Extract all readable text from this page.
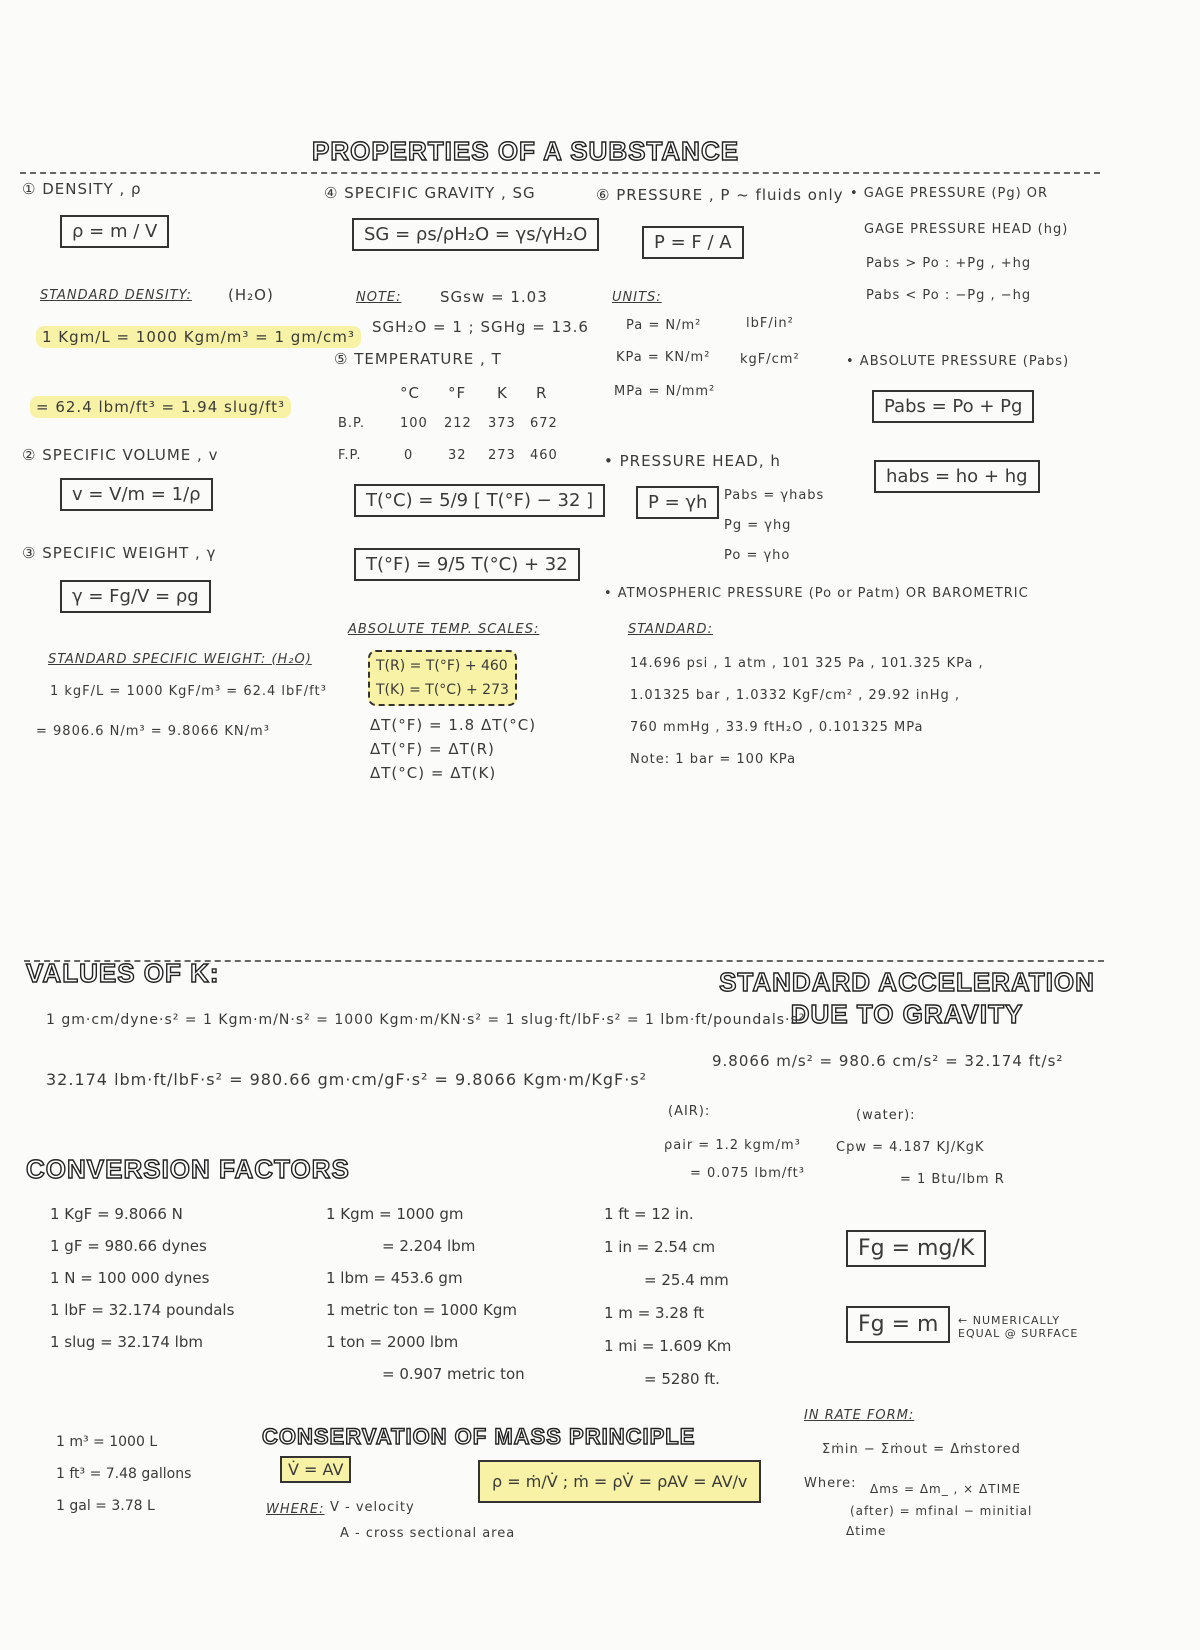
PROPERTIES OF A SUBSTANCE
① DENSITY , ρ
ρ = m / V
STANDARD DENSITY: (H₂O)
1 Kgm/L = 1000 Kgm/m³ = 1 gm/cm³
= 62.4 lbm/ft³ = 1.94 slug/ft³
② SPECIFIC VOLUME , v
v = V/m = 1/ρ
③ SPECIFIC WEIGHT , γ
γ = Fg/V = ρg
STANDARD SPECIFIC WEIGHT: (H₂O)
1 kgF/L = 1000 KgF/m³ = 62.4 lbF/ft³
= 9806.6 N/m³ = 9.8066 KN/m³
④ SPECIFIC GRAVITY , SG
SG = ρs/ρH₂O = γs/γH₂O
NOTE:	SGsw = 1.03
SGH₂O = 1 ; SGHg = 13.6
⑤ TEMPERATURE , T
°C °F K R
B.P.	100 212 373 672
F.P.	0	32 273 460
T(°C) = 5/9 [ T(°F) − 32 ]
T(°F) = 9/5 T(°C) + 32
ABSOLUTE TEMP. SCALES:
T(R) = T(°F) + 460
T(K) = T(°C) + 273
ΔT(°F) = 1.8 ΔT(°C)
ΔT(°F) = ΔT(R)
ΔT(°C) = ΔT(K)
⑥ PRESSURE , P ~ fluids only
P = F / A
UNITS:
Pa = N/m²
KPa = KN/m²
MPa = N/mm²
lbF/in²
kgF/cm²
• GAGE PRESSURE (Pg) OR
GAGE PRESSURE HEAD (hg)
Pabs > Po : +Pg , +hg
Pabs < Po : −Pg , −hg
• ABSOLUTE PRESSURE (Pabs)
Pabs = Po + Pg
habs = ho + hg
• PRESSURE HEAD, h
P = γh	Pabs = γhabs
Pg = γhg
Po = γho
• ATMOSPHERIC PRESSURE (Po or Patm) OR BAROMETRIC
STANDARD:
14.696 psi , 1 atm , 101 325 Pa , 101.325 KPa ,
1.01325 bar , 1.0332 KgF/cm² , 29.92 inHg ,
760 mmHg , 33.9 ftH₂O , 0.101325 MPa
Note: 1 bar = 100 KPa
VALUES OF K:	STANDARD ACCELERATION DUE TO GRAVITY
1 gm·cm/dyne·s² = 1 Kgm·m/N·s² = 1000 Kgm·m/KN·s² = 1 slug·ft/lbF·s² = 1 lbm·ft/poundals·s²
32.174 lbm·ft/lbF·s² = 980.66 gm·cm/gF·s² = 9.8066 Kgm·m/KgF·s²
9.8066 m/s² = 980.6 cm/s² = 32.174 ft/s²
(AIR):
ρair = 1.2 kgm/m³
= 0.075 lbm/ft³
(water):
Cpw = 4.187 KJ/KgK
= 1 Btu/lbm R
Fg = mg/K
Fg = m	← NUMERICALLY EQUAL @ SURFACE
CONVERSION FACTORS
1 KgF = 9.8066 N
1 gF = 980.66 dynes
1 N = 100 000 dynes
1 lbF = 32.174 poundals
1 slug = 32.174 lbm
1 Kgm = 1000 gm
= 2.204 lbm
1 lbm = 453.6 gm
1 metric ton = 1000 Kgm
1 ton = 2000 lbm
= 0.907 metric ton
1 ft = 12 in.
1 in = 2.54 cm
= 25.4 mm
1 m = 3.28 ft
1 mi = 1.609 Km
= 5280 ft.
1 m³ = 1000 L
1 ft³ = 7.48 gallons
1 gal = 3.78 L
CONSERVATION OF MASS PRINCIPLE
V̇ = AV
ρ = ṁ/V̇ ; ṁ = ρV̇ = ρAV = AV/v
WHERE: V - velocity
A - cross sectional area
IN RATE FORM:
Σṁin − Σṁout = Δṁstored
Where: Δms = Δm_ , × ΔTIME
(after) = mfinal − minitial
Δtime
